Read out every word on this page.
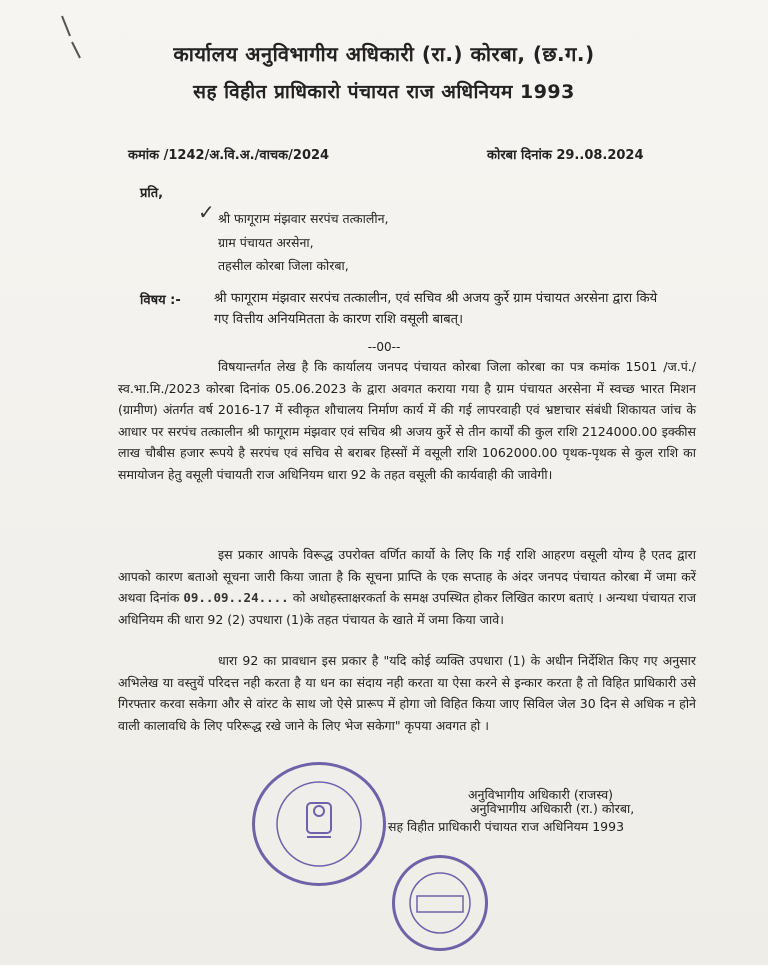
कार्यालय अनुविभागीय अधिकारी (रा.) कोरबा, (छ.ग.)
सह विहीत प्राधिकारो पंचायत राज अधिनियम 1993
कमांक /1242/अ.वि.अ./वाचक/2024	कोरबा दिनांक 29..08.2024
प्रति,
✓ श्री फागूराम मंझवार सरपंच तत्कालीन,
ग्राम पंचायत अरसेना,
तहसील कोरबा जिला कोरबा,
विषय :-	श्री फागूराम मंझवार सरपंच तत्कालीन, एवं सचिव श्री अजय कुर्रे ग्राम पंचायत अरसेना द्वारा किये गए वित्तीय अनियमितता के कारण राशि वसूली बाबत्।
--00--
विषयान्तर्गत लेख है कि कार्यालय जनपद पंचायत कोरबा जिला कोरबा का पत्र कमांक 1501 /ज.पं./स्व.भा.मि./2023 कोरबा दिनांक 05.06.2023 के द्वारा अवगत कराया गया है ग्राम पंचायत अरसेना में स्वच्छ भारत मिशन (ग्रामीण) अंतर्गत वर्ष 2016-17 में स्वीकृत शौचालय निर्माण कार्य में की गई लापरवाही एवं भ्रष्टाचार संबंधी शिकायत जांच के आधार पर सरपंच तत्कालीन श्री फागूराम मंझवार एवं सचिव श्री अजय कुर्रे से तीन कार्यों की कुल राशि 2124000.00 इक्कीस लाख चौबीस हजार रूपये है सरपंच एवं सचिव से बराबर हिस्सों में वसूली राशि 1062000.00 पृथक-पृथक से कुल राशि का समायोजन हेतु वसूली पंचायती राज अधिनियम धारा 92 के तहत वसूली की कार्यवाही की जावेगी।
इस प्रकार आपके विरूद्ध उपरोक्त वर्णित कार्यो के लिए कि गई राशि आहरण वसूली योग्य है एतद द्वारा आपको कारण बताओ सूचना जारी किया जाता है कि सूचना प्राप्ति के एक सप्ताह के अंदर जनपद पंचायत कोरबा में जमा करें अथवा दिनांक 09..09..24.... को अधोहस्ताक्षरकर्ता के समक्ष उपस्थित होकर लिखित कारण बताएं । अन्यथा पंचायत राज अधिनियम की धारा 92 (2) उपधारा (1)के तहत पंचायत के खाते में जमा किया जावे।
धारा 92 का प्रावधान इस प्रकार है "यदि कोई व्यक्ति उपधारा (1) के अधीन निर्देशित किए गए अनुसार अभिलेख या वस्तुयें परिदत्त नही करता है या धन का संदाय नही करता या ऐसा करने से इन्कार करता है तो विहित प्राधिकारी उसे गिरफ्तार करवा सकेगा और से वांरट के साथ जो ऐसे प्रारूप में होगा जो विहित किया जाए सिविल जेल 30 दिन से अधिक न होने वाली कालावधि के लिए परिरूद्ध रखे जाने के लिए भेज सकेगा" कृपया अवगत हो ।
अनुविभागीय अधिकारी (राजस्व)
अनुविभागीय अधिकारी (रा.) कोरबा,
सह विहीत प्राधिकारी पंचायत राज अधिनियम 1993
